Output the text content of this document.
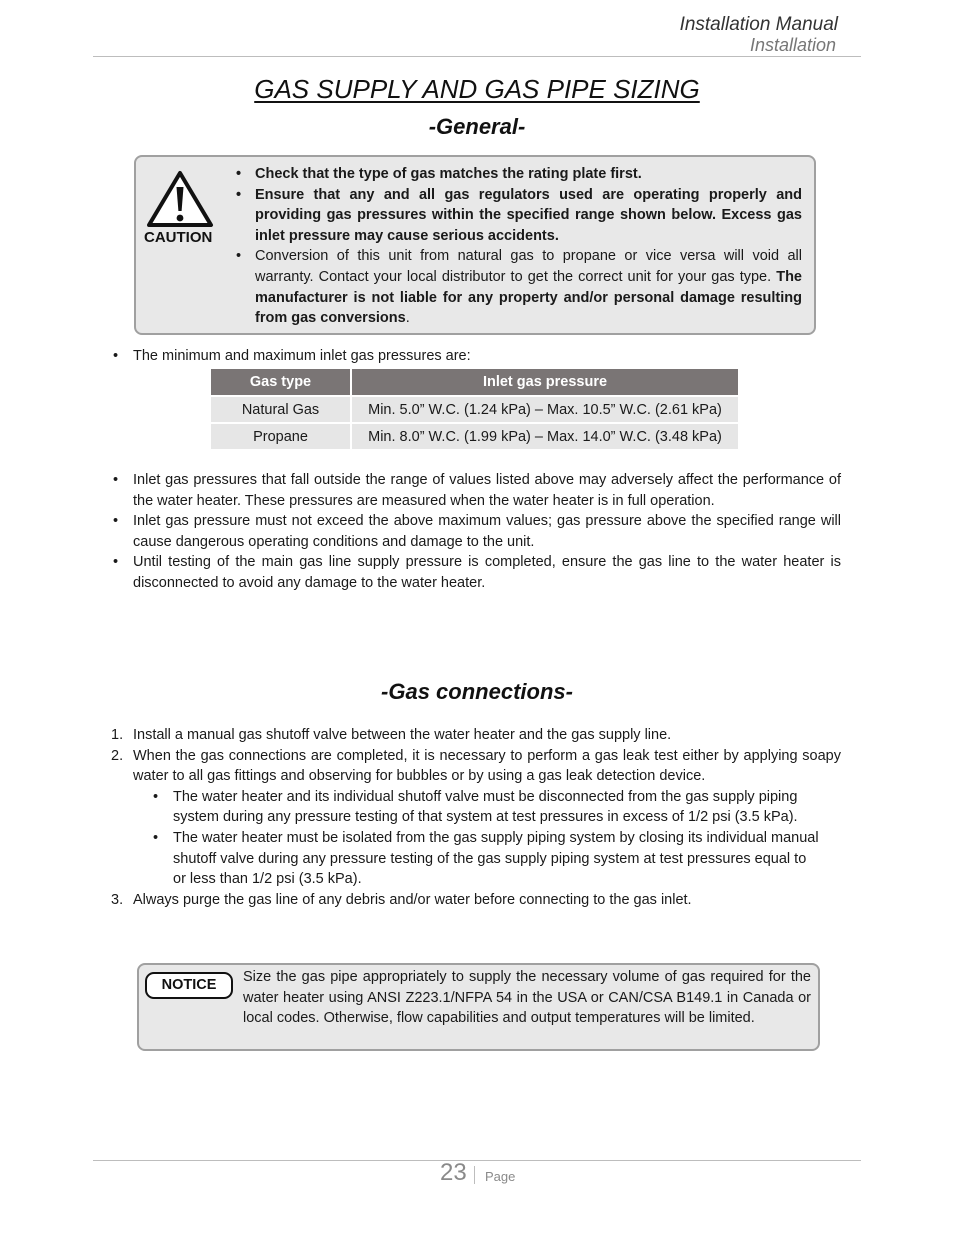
Installation Manual
Installation
GAS SUPPLY AND GAS PIPE SIZING
-General-
CAUTION
• Check that the type of gas matches the rating plate first.
• Ensure that any and all gas regulators used are operating properly and providing gas pressures within the specified range shown below. Excess gas inlet pressure may cause serious accidents.
• Conversion of this unit from natural gas to propane or vice versa will void all warranty. Contact your local distributor to get the correct unit for your gas type. The manufacturer is not liable for any property and/or personal damage resulting from gas conversions.
• The minimum and maximum inlet gas pressures are:
Gas type	Inlet gas pressure

Natural Gas	Min. 5.0” W.C. (1.24 kPa) – Max. 10.5” W.C. (2.61 kPa)

Propane	Min. 8.0” W.C. (1.99 kPa) – Max. 14.0” W.C. (3.48 kPa)
• Inlet gas pressures that fall outside the range of values listed above may adversely affect the performance of the water heater. These pressures are measured when the water heater is in full operation.
• Inlet gas pressure must not exceed the above maximum values; gas pressure above the specified range will cause dangerous operating conditions and damage to the unit.
• Until testing of the main gas line supply pressure is completed, ensure the gas line to the water heater is disconnected to avoid any damage to the water heater.
-Gas connections-
1. Install a manual gas shutoff valve between the water heater and the gas supply line.
2. When the gas connections are completed, it is necessary to perform a gas leak test either by applying soapy water to all gas fittings and observing for bubbles or by using a gas leak detection device.
• The water heater and its individual shutoff valve must be disconnected from the gas supply piping system during any pressure testing of that system at test pressures in excess of 1/2 psi (3.5 kPa).
• The water heater must be isolated from the gas supply piping system by closing its individual manual shutoff valve during any pressure testing of the gas supply piping system at test pressures equal to or less than 1/2 psi (3.5 kPa).
3. Always purge the gas line of any debris and/or water before connecting to the gas inlet.
NOTICE	Size the gas pipe appropriately to supply the necessary volume of gas required for the water heater using ANSI Z223.1/NFPA 54 in the USA or CAN/CSA B149.1 in Canada or local codes. Otherwise, flow capabilities and output temperatures will be limited.
23 Page
